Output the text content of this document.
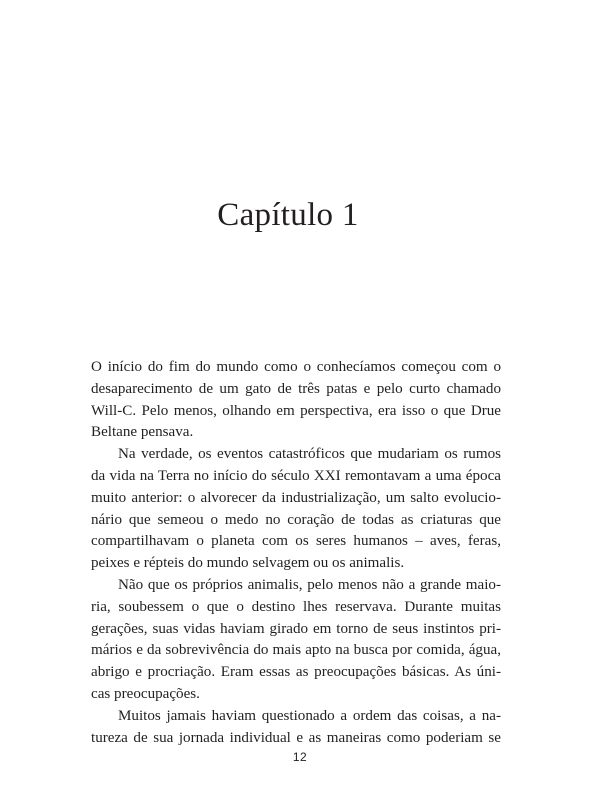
Capítulo 1
O início do fim do mundo como o conhecíamos começou com o
desaparecimento de um gato de três patas e pelo curto chamado
Will-C. Pelo menos, olhando em perspectiva, era isso o que Drue
Beltane pensava.
Na verdade, os eventos catastróficos que mudariam os rumos
da vida na Terra no início do século XXI remontavam a uma época
muito anterior: o alvorecer da industrialização, um salto evolucio-
nário que semeou o medo no coração de todas as criaturas que
compartilhavam o planeta com os seres humanos – aves, feras,
peixes e répteis do mundo selvagem ou os animalis.
Não que os próprios animalis, pelo menos não a grande maio-
ria, soubessem o que o destino lhes reservava. Durante muitas
gerações, suas vidas haviam girado em torno de seus instintos pri-
mários e da sobrevivência do mais apto na busca por comida, água,
abrigo e procriação. Eram essas as preocupações básicas. As úni-
cas preocupações.
Muitos jamais haviam questionado a ordem das coisas, a na-
tureza de sua jornada individual e as maneiras como poderiam se
12
